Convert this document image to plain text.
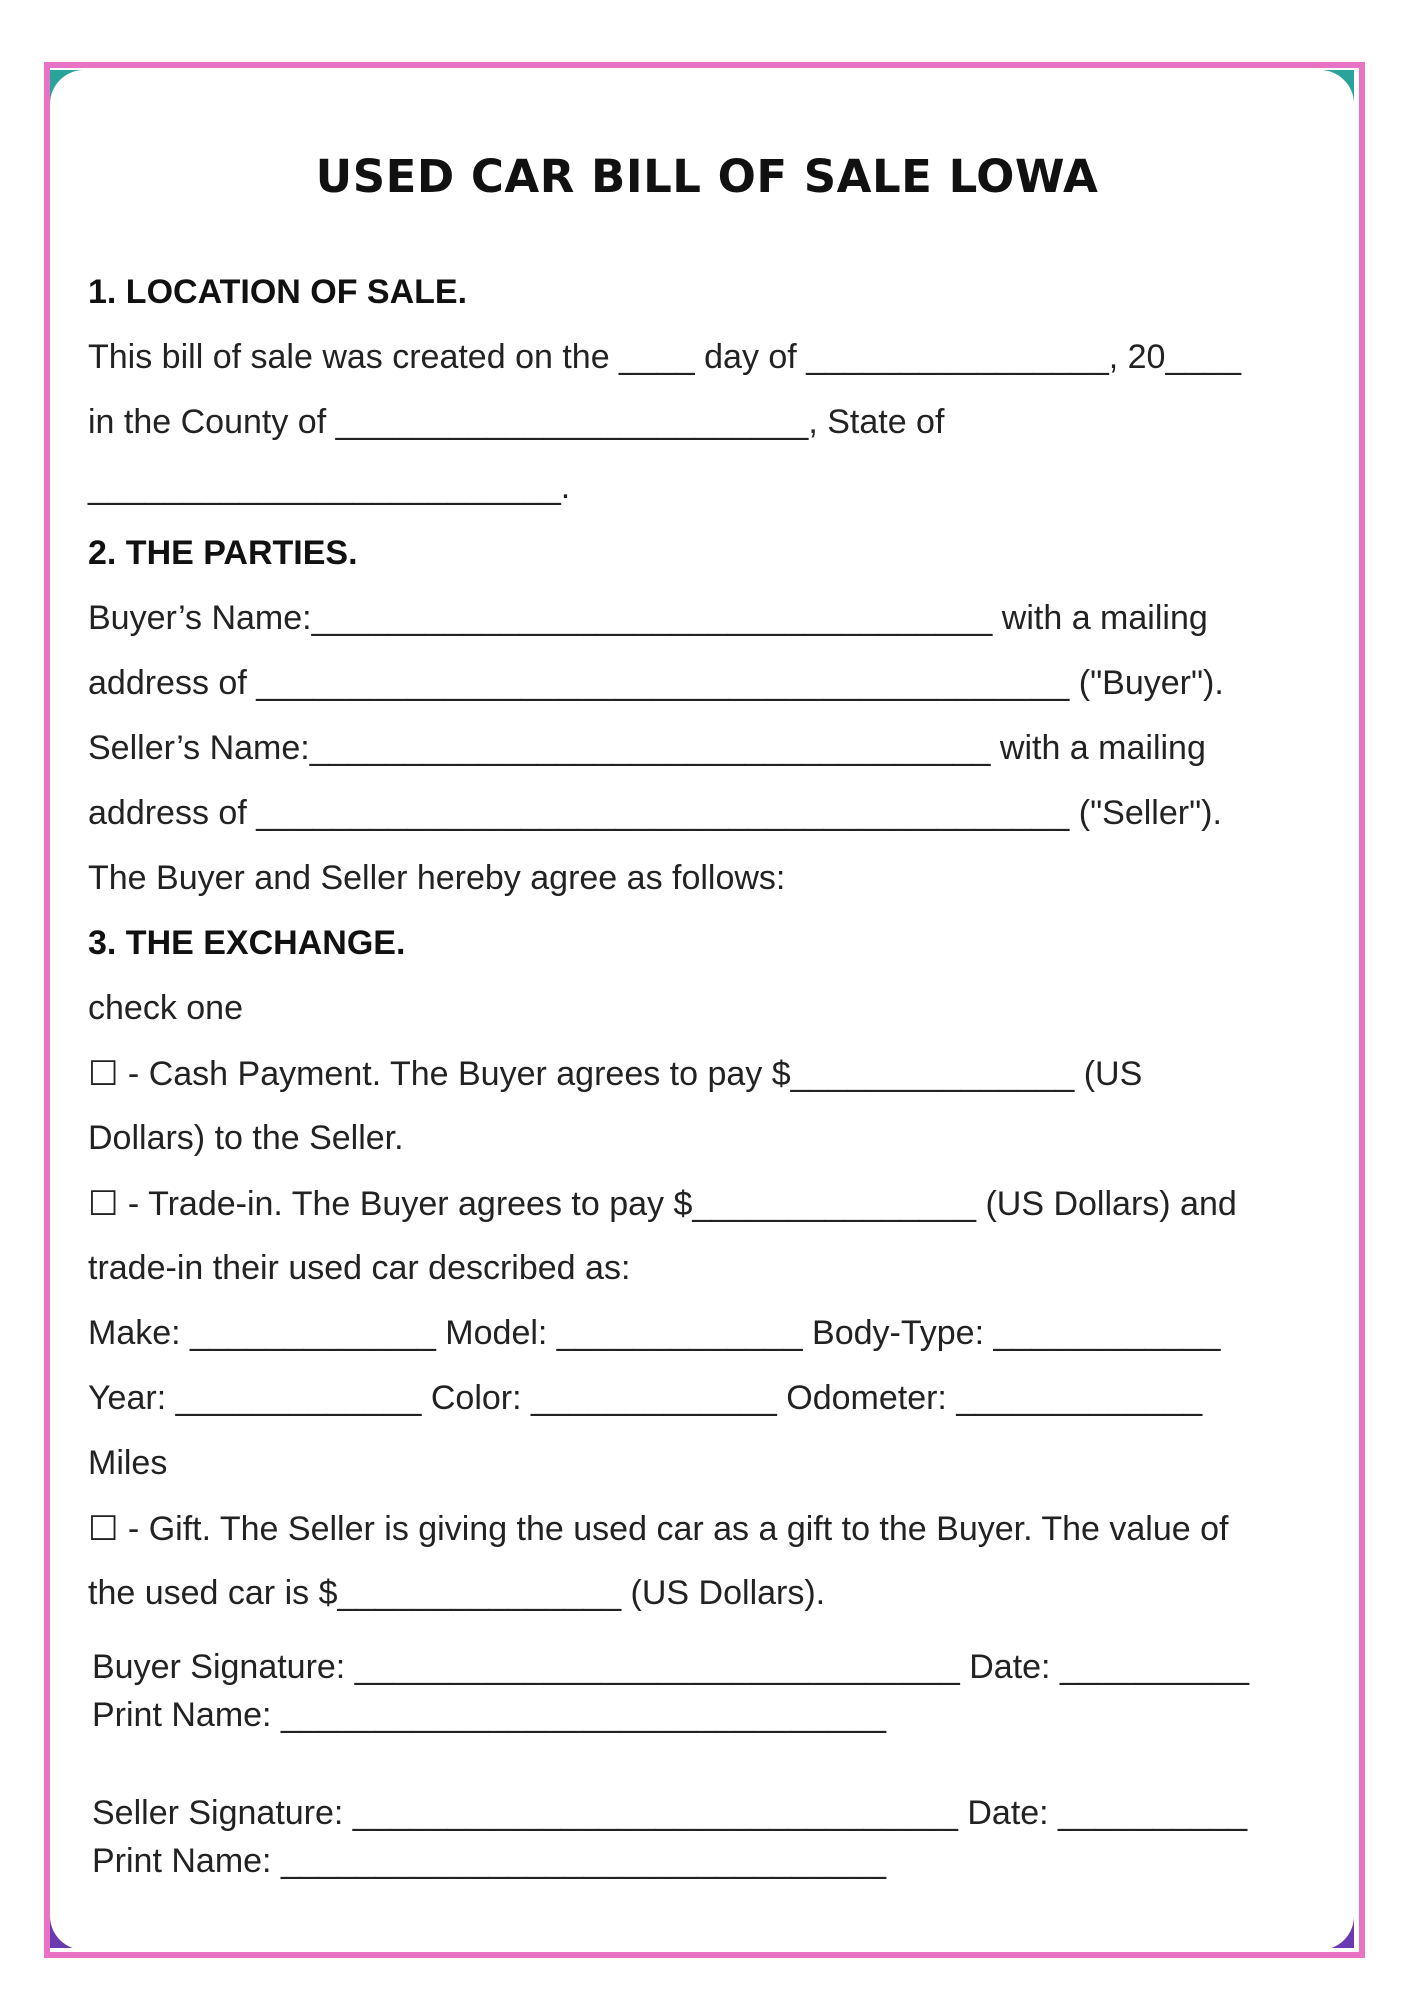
USED CAR BILL OF SALE LOWA
1. LOCATION OF SALE.
This bill of sale was created on the ____ day of ________________, 20____
in the County of _________________________, State of
_________________________.
2. THE PARTIES.
Buyer’s Name:____________________________________ with a mailing
address of ___________________________________________ ("Buyer").
Seller’s Name:____________________________________ with a mailing
address of ___________________________________________ ("Seller").
The Buyer and Seller hereby agree as follows:
3. THE EXCHANGE.
check one
☐ - Cash Payment. The Buyer agrees to pay $_______________ (US
Dollars) to the Seller.
☐ - Trade-in. The Buyer agrees to pay $_______________ (US Dollars) and
trade-in their used car described as:
Make: _____________ Model: _____________ Body-Type: ____________
Year: _____________ Color: _____________ Odometer: _____________
Miles
☐ - Gift. The Seller is giving the used car as a gift to the Buyer. The value of
the used car is $_______________ (US Dollars).
Buyer Signature: ________________________________ Date: __________
Print Name: ________________________________
Seller Signature: ________________________________ Date: __________
Print Name: ________________________________
